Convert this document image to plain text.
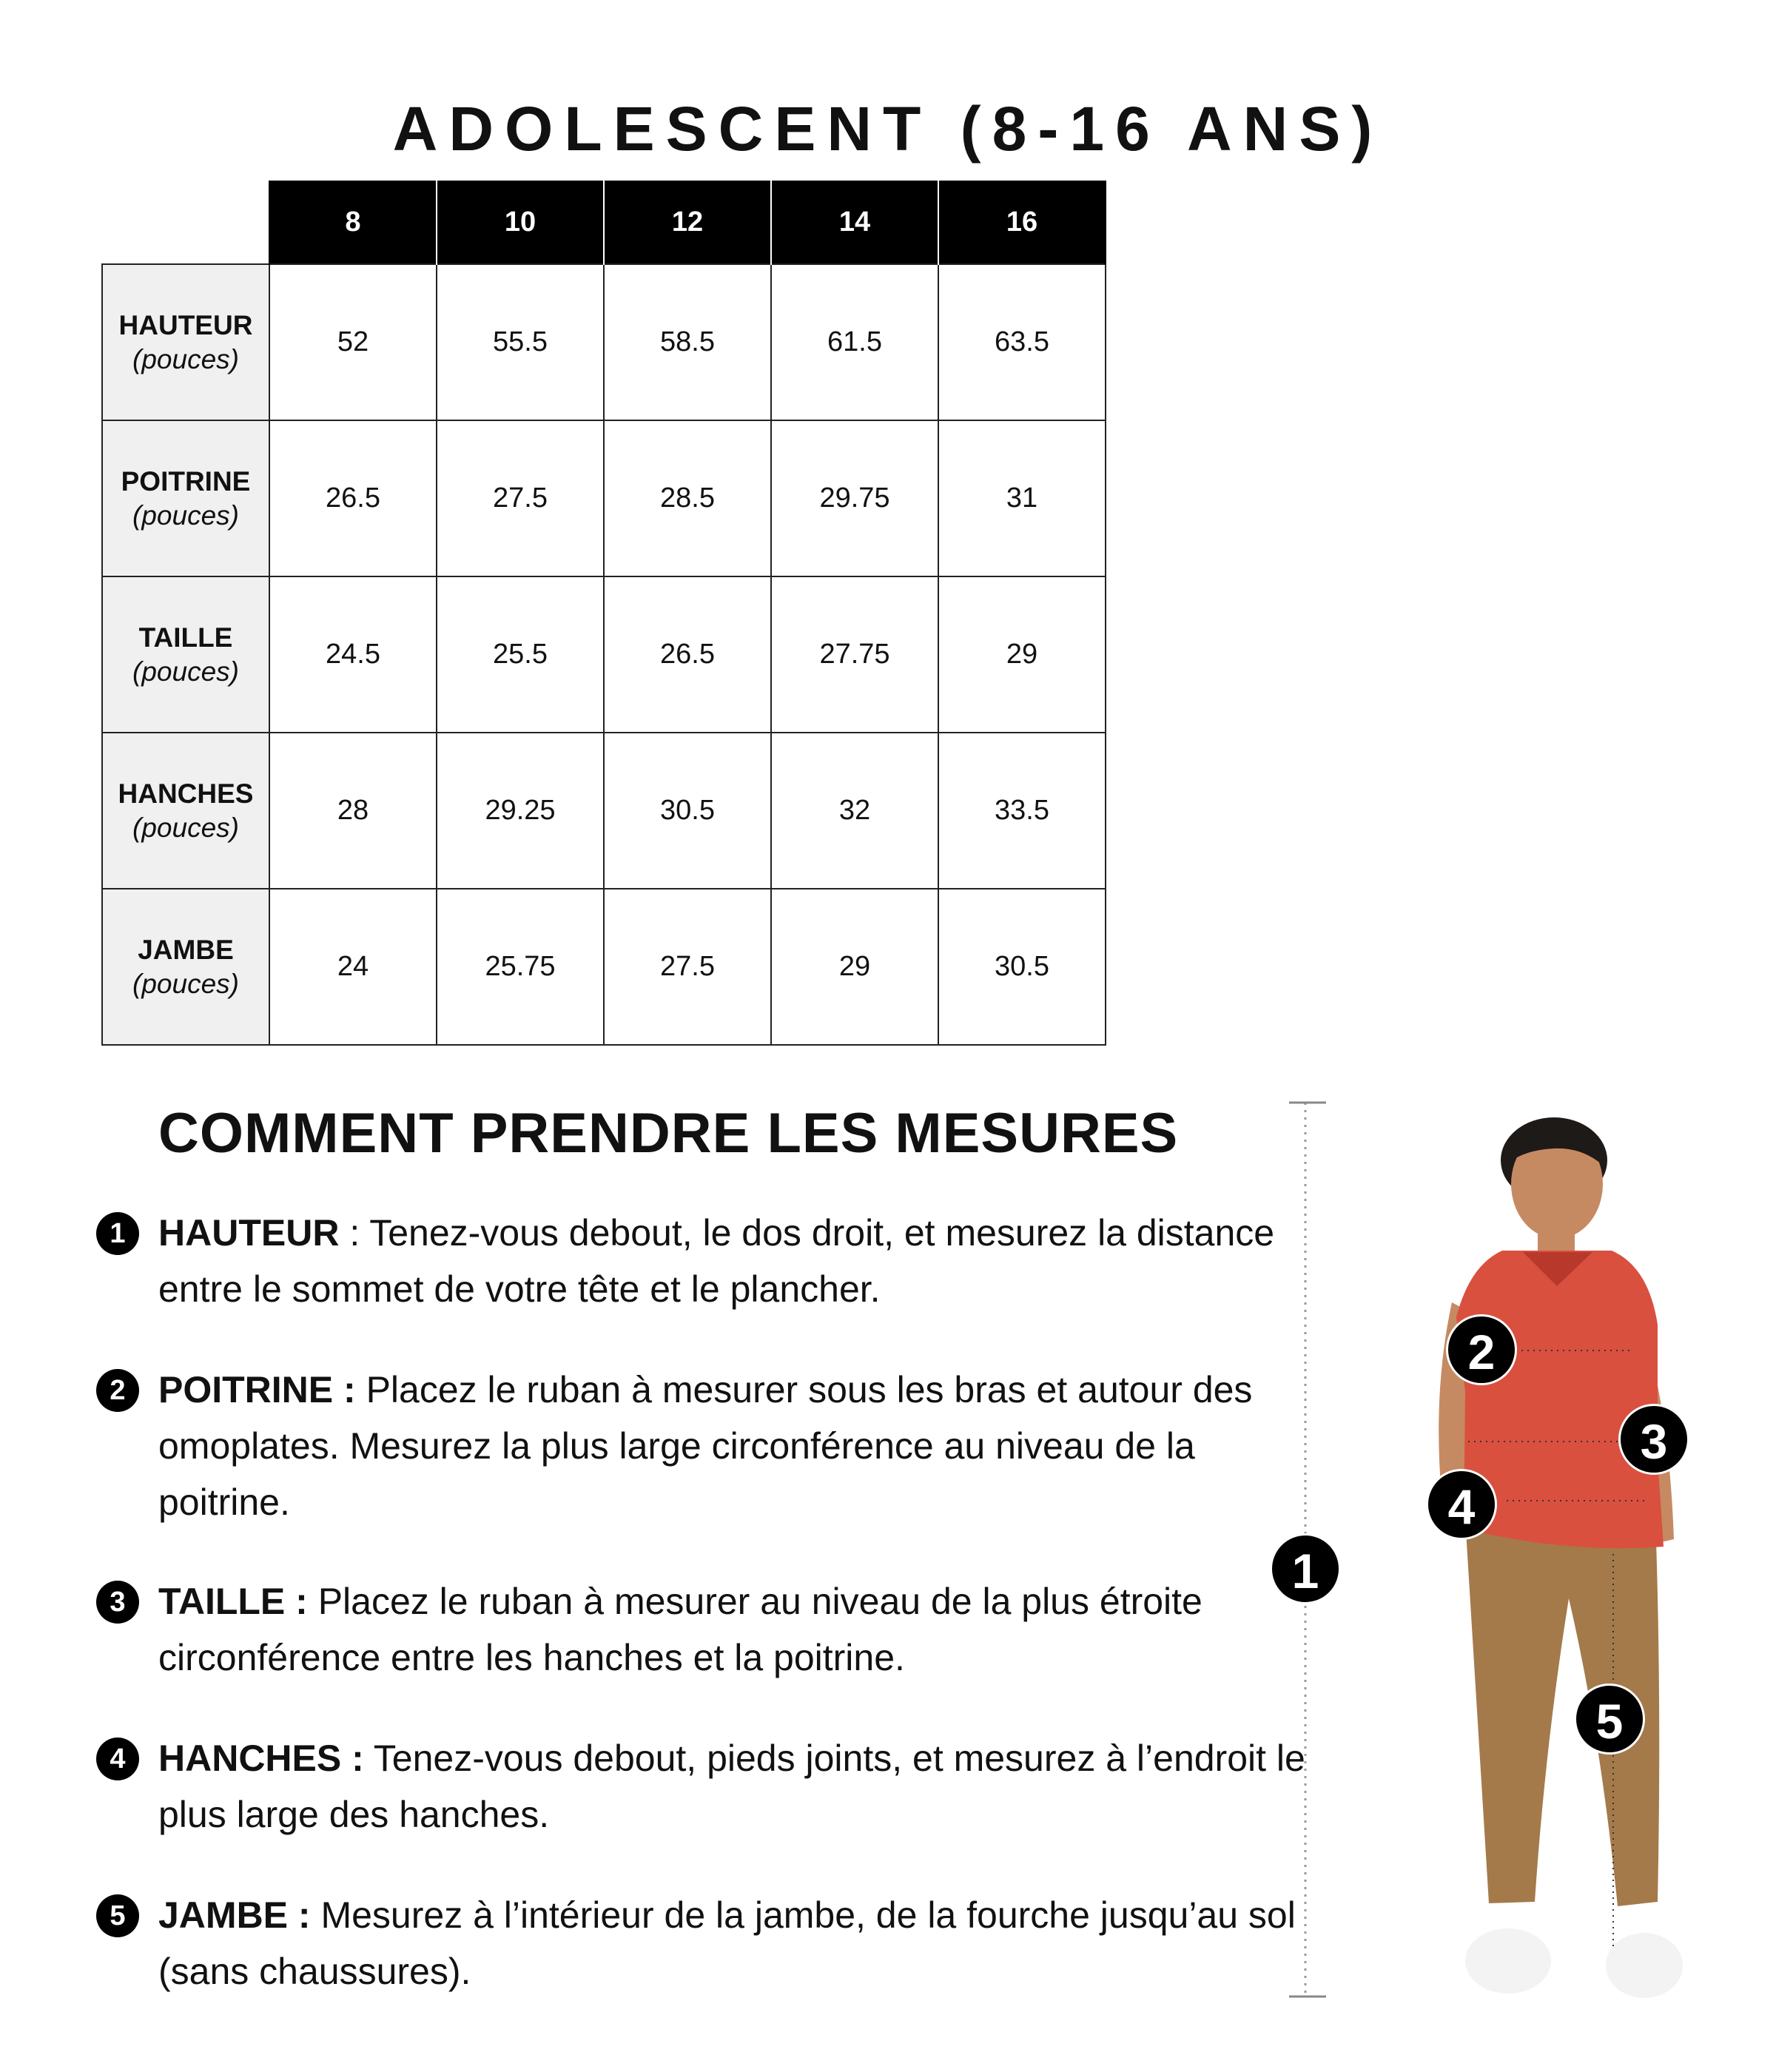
ADOLESCENT (8-16 ANS)
	8	10	12	14	16

HAUTEUR
(pouces)	52	55.5	58.5	61.5	63.5

POITRINE
(pouces)	26.5	27.5	28.5	29.75	31

TAILLE
(pouces)	24.5	25.5	26.5	27.75	29

HANCHES
(pouces)	28	29.25	30.5	32	33.5

JAMBE
(pouces)	24	25.75	27.5	29	30.5
COMMENT PRENDRE LES MESURES
1 HAUTEUR : Tenez-vous debout, le dos droit, et mesurez la distance entre le sommet de votre tête et le plancher.
2 POITRINE : Placez le ruban à mesurer sous les bras et autour des omoplates. Mesurez la plus large circonférence au niveau de la poitrine.
3 TAILLE : Placez le ruban à mesurer au niveau de la plus étroite circonférence entre les hanches et la poitrine.
4 HANCHES : Tenez-vous debout, pieds joints, et mesurez à l’endroit le plus large des hanches.
5 JAMBE : Mesurez à l’intérieur de la jambe, de la fourche jusqu’au sol (sans chaussures).
1
2
3
4
5
